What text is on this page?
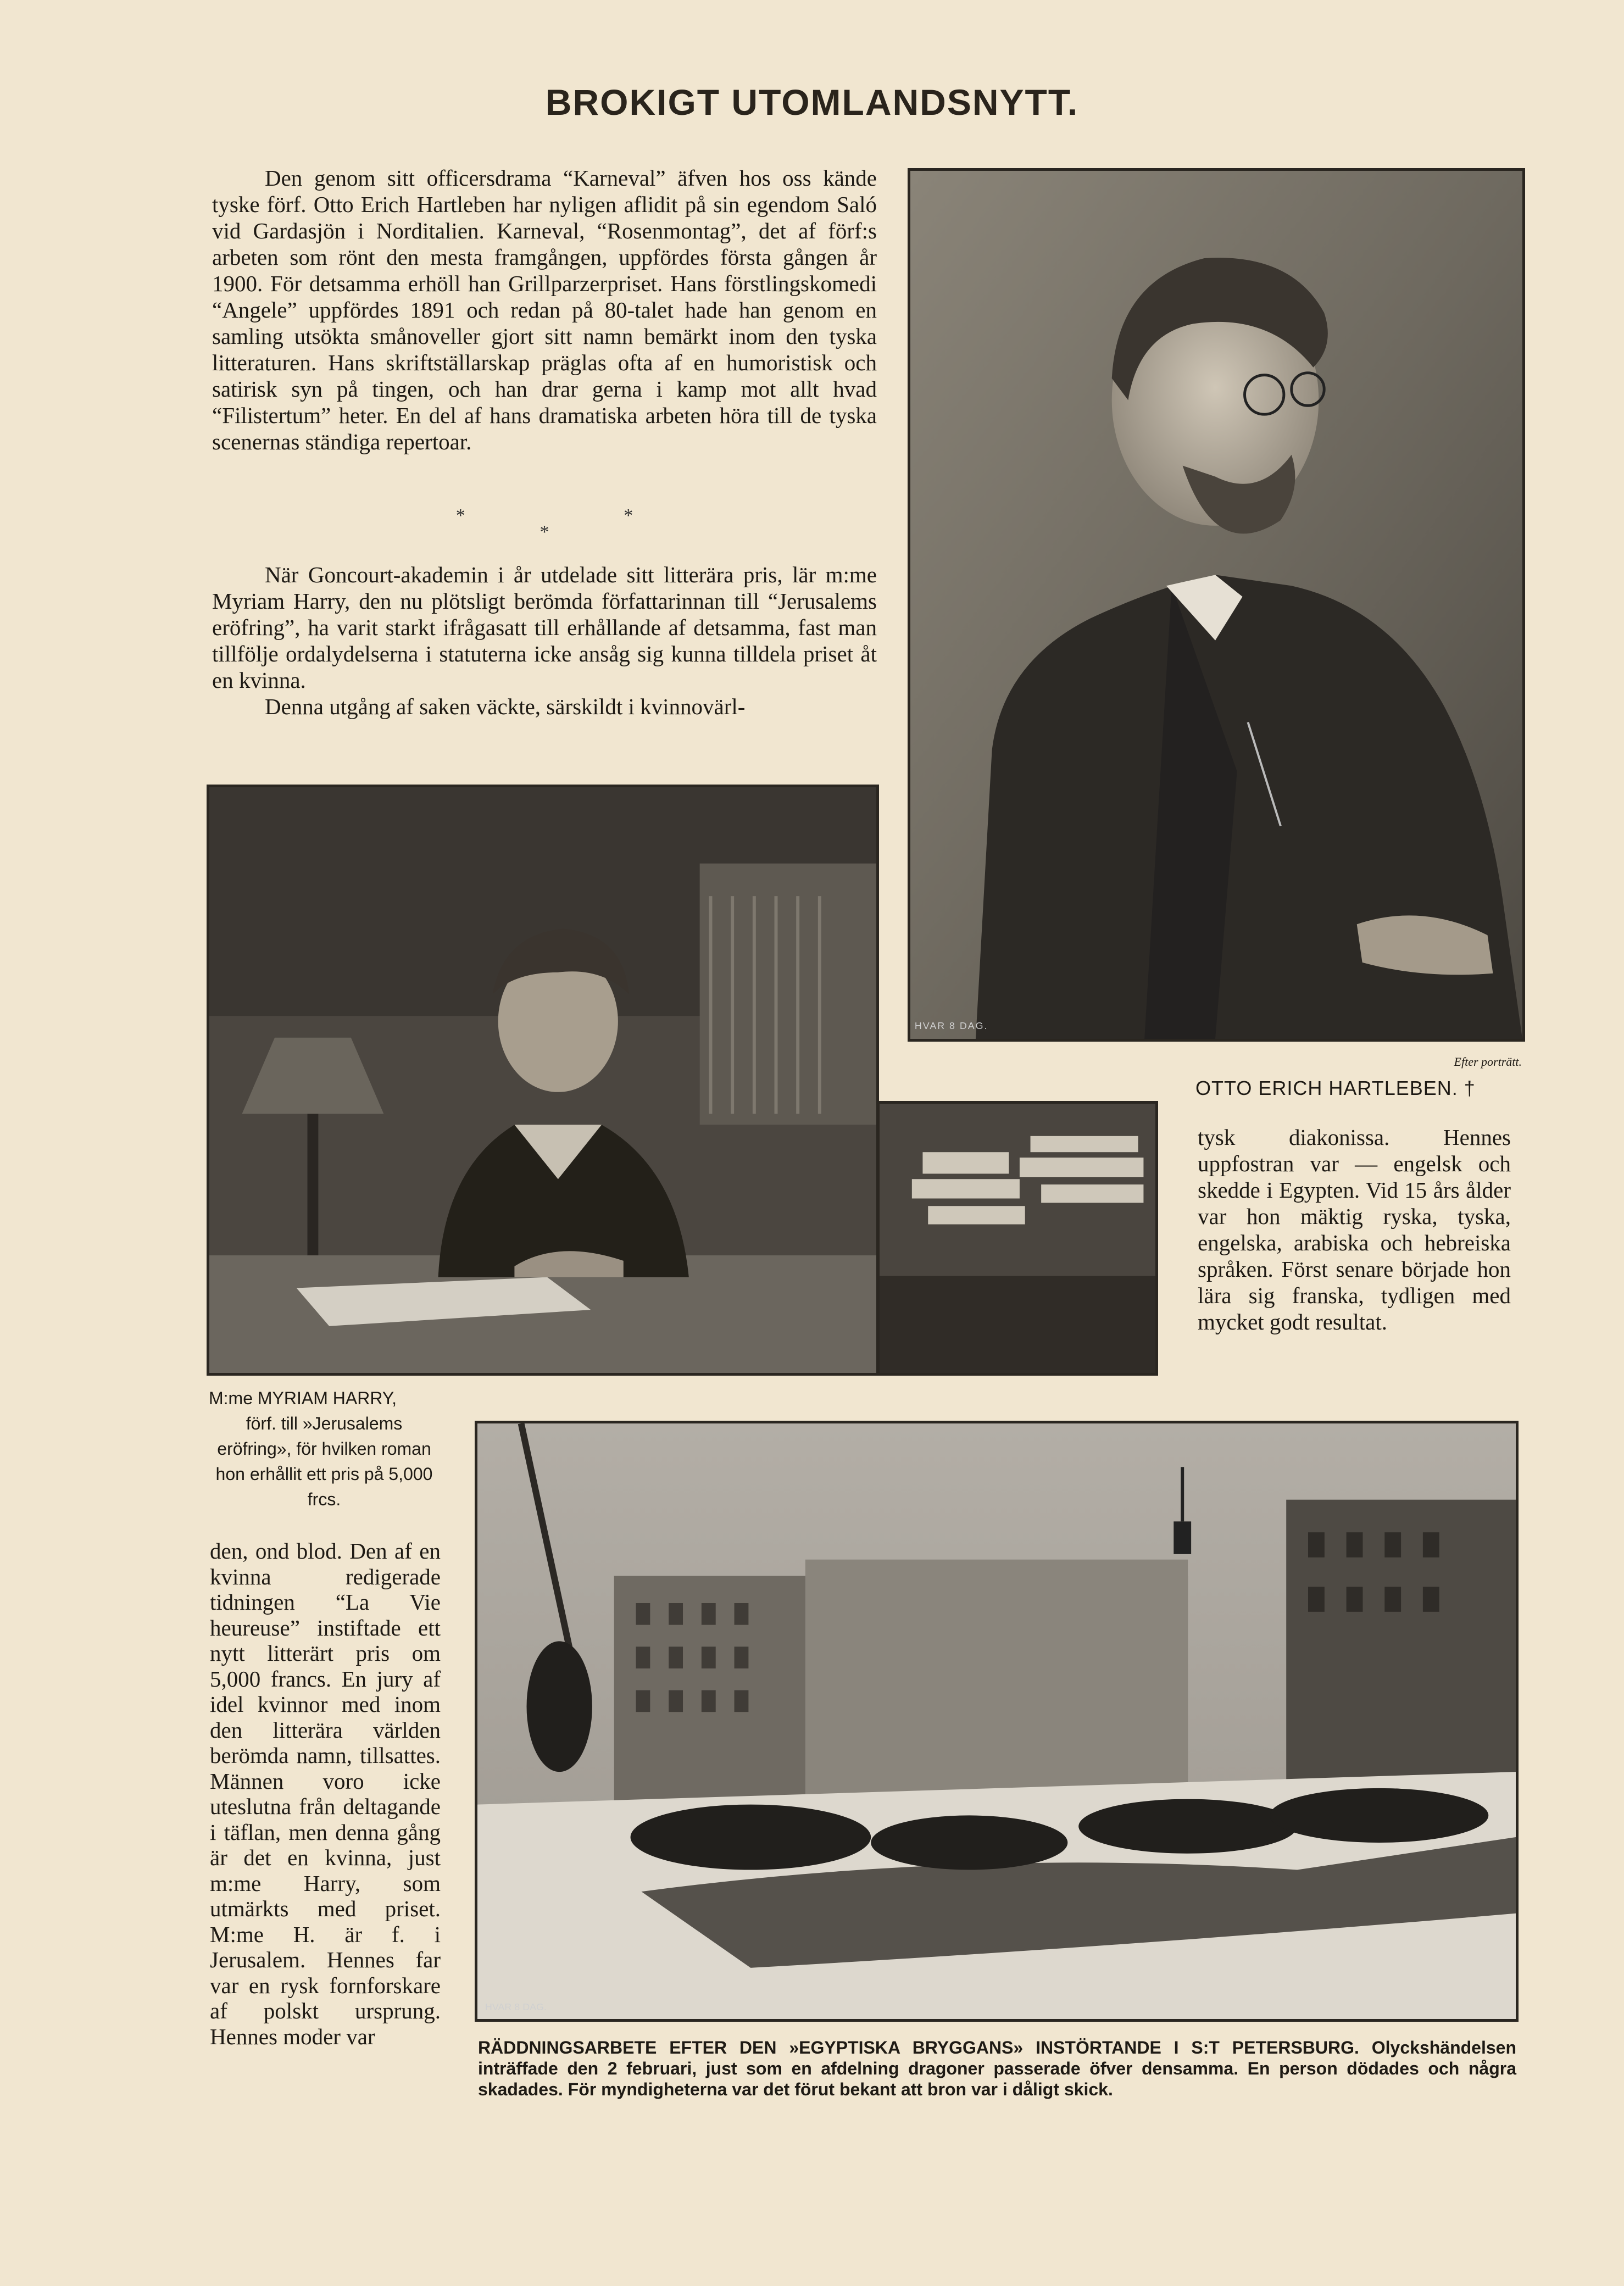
BROKIGT UTOMLANDSNYTT.

Den genom sitt officersdrama “Karneval” äfven hos oss kände tyske förf. Otto Erich Hartleben har nyligen aflidit på sin egendom Saló vid Gardasjön i Norditalien. Karneval, “Rosenmontag”, det af förf:s arbeten som rönt den mesta framgången, uppfördes första gången år 1900. För detsamma erhöll han Grillparzerpriset. Hans förstlingskomedi “Angele” uppfördes 1891 och redan på 80-talet hade han genom en samling utsökta smånoveller gjort sitt namn bemärkt inom den tyska litteraturen. Hans skriftställarskap präglas ofta af en humoristisk och satirisk syn på tingen, och han drar gerna i kamp mot allt hvad “Filistertum” heter. En del af hans dramatiska arbeten höra till de tyska scenernas ständiga repertoar.

* *
*

När Goncourt-akademin i år utdelade sitt litterära pris, lär m:me Myriam Harry, den nu plötsligt berömda författarinnan till “Jerusalems eröfring”, ha varit starkt ifrågasatt till erhållande af detsamma, fast man tillfölje ordalydelserna i statuterna icke ansåg sig kunna tilldela priset åt en kvinna.

Denna utgång af saken väckte, särskildt i kvinnovärl-

HVAR 8 DAG.
Efter porträtt.
OTTO ERICH HARTLEBEN. †
M:me MYRIAM HARRY,
förf. till »Jerusalems eröfring», för hvilken roman hon erhållit ett pris på 5,000 frcs.
tysk diakonissa. Hennes uppfostran var — engelsk och skedde i Egypten. Vid 15 års ålder var hon mäktig ryska, tyska, engelska, arabiska och hebreiska språken. Först senare började hon lära sig franska, tydligen med mycket godt resultat.
den, ond blod. Den af en kvinna redigerade tidningen “La Vie heureuse” instiftade ett nytt litterärt pris om 5,000 francs. En jury af idel kvinnor med inom den litterära världen berömda namn, tillsattes. Männen voro icke uteslutna från deltagande i täflan, men denna gång är det en kvinna, just m:me Harry, som utmärkts med priset. M:me H. är f. i Jerusalem. Hennes far var en rysk fornforskare af polskt ursprung. Hennes moder var
HVAR 8 DAG.
RÄDDNINGSARBETE EFTER DEN »EGYPTISKA BRYGGANS» INSTÖRTANDE I S:T PETERSBURG. Olyckshändelsen inträffade den 2 februari, just som en afdelning dragoner passerade öfver densamma. En person dödades och några skadades. För myndigheterna var det förut bekant att bron var i dåligt skick.
